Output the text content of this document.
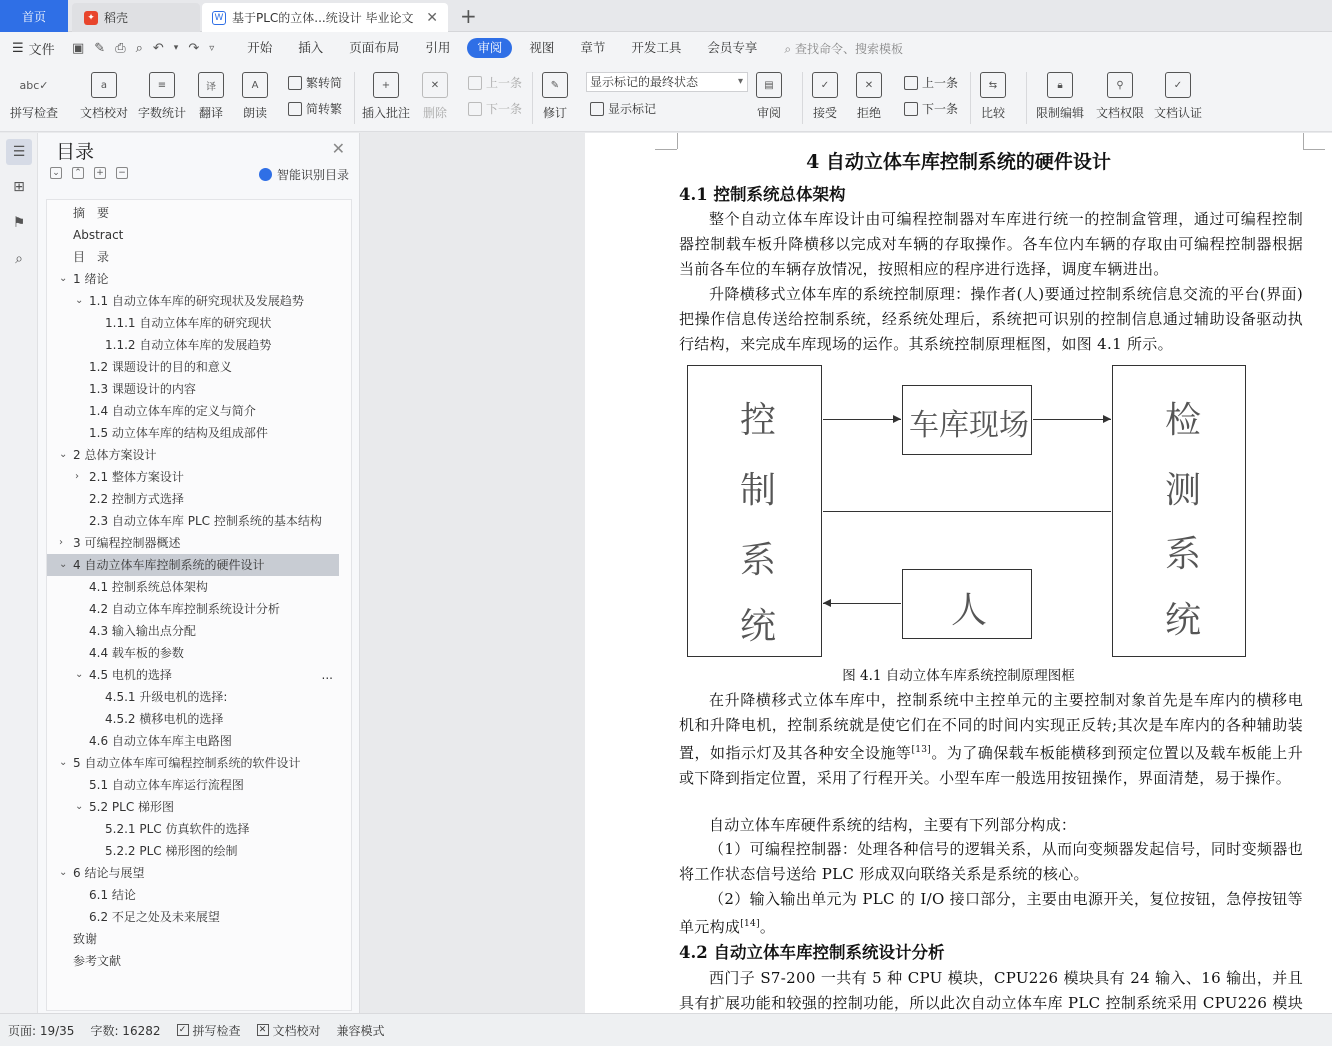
首页	✦ 稻壳	W 基于PLC的立体...统设计 毕业论文 ✕ +
☰ 文件 ▣ ✎ ⎙ ⌕ ↶ ▾ ↷ ▿	开始	插入	页面布局	引用	审阅	视图	章节	开发工具	会员专享	⌕ 查找命令、搜索模板
abc✓
拼写检查
a
文档校对
≡
字数统计
译
翻译
A
朗读
繁转简
简转繁
+
插入批注
✕
删除
上一条
下一条
✎
修订
显示标记的最终状态 ▾
显示标记
▤
审阅
✓
接受
✕
拒绝
上一条
下一条
⇆
比较
🔒︎
限制编辑
⚲
文档权限
✓
文档认证
☰
⊞
⚑
⌕
目录	✕
⌄ ⌃ + −	智能识别目录
摘　要
Abstract
目　录
⌄ 1 绪论
⌄ 1.1 自动立体车库的研究现状及发展趋势
1.1.1 自动立体车库的研究现状
1.1.2 自动立体车库的发展趋势
1.2 课题设计的目的和意义
1.3 课题设计的内容
1.4 自动立体车库的定义与简介
1.5 动立体车库的结构及组成部件
⌄ 2 总体方案设计
› 2.1 整体方案设计
2.2 控制方式选择
2.3 自动立体车库 PLC 控制系统的基本结构
› 3 可编程控制器概述
⌄ 4 自动立体车库控制系统的硬件设计
4.1 控制系统总体架构
4.2 自动立体车库控制系统设计分析
4.3 输入输出点分配
4.4 载车板的参数
⌄ 4.5 电机的选择	...
4.5.1 升级电机的选择:
4.5.2 横移电机的选择
4.6 自动立体车库主电路图
⌄ 5 自动立体车库可编程控制系统的软件设计
5.1 自动立体车库运行流程图
⌄ 5.2 PLC 梯形图
5.2.1 PLC 仿真软件的选择
5.2.2 PLC 梯形图的绘制
⌄ 6 结论与展望
6.1 结论
6.2 不足之处及未来展望
致谢
参考文献
4 自动立体车库控制系统的硬件设计
4.1 控制系统总体架构
整个自动立体车库设计由可编程控制器对车库进行统一的控制盒管理，通过可编程控制器控制载车板升降横移以完成对车辆的存取操作。各车位内车辆的存取由可编程控制器根据当前各车位的车辆存放情况，按照相应的程序进行选择，调度车辆进出。
升降横移式立体车库的系统控制原理：操作者(人)要通过控制系统信息交流的平台(界面)把操作信息传送给控制系统，经系统处理后，系统把可识别的控制信息通过辅助设备驱动执行结构，来完成车库现场的运作。其系统控制原理框图，如图 4.1 所示。
控
制
系
统
车库现场	检
测
系
统
人
图 4.1 自动立体车库系统控制原理图框
在升降横移式立体车库中，控制系统中主控单元的主要控制对象首先是车库内的横移电机和升降电机，控制系统就是使它们在不同的时间内实现正反转;其次是车库内的各种辅助装置，如指示灯及其各种安全设施等[13]。为了确保载车板能横移到预定位置以及载车板能上升或下降到指定位置，采用了行程开关。小型车库一般选用按钮操作，界面清楚，易于操作。
自动立体车库硬件系统的结构，主要有下列部分构成：
（1）可编程控制器：处理各种信号的逻辑关系，从而向变频器发起信号，同时变频器也将工作状态信号送给 PLC 形成双向联络关系是系统的核心。
（2）输入输出单元为 PLC 的 I/O 接口部分，主要由电源开关，复位按钮，急停按钮等单元构成[14]。
4.2 自动立体车库控制系统设计分析
西门子 S7-200 一共有 5 种 CPU 模块，CPU226 模块具有 24 输入、16 输出，并且具有扩展功能和较强的控制功能，所以此次自动立体车库 PLC 控制系统采用 CPU226 模块
页面: 19/35 字数: 16282 ✓ 拼写检查 ✕ 文档校对 兼容模式
